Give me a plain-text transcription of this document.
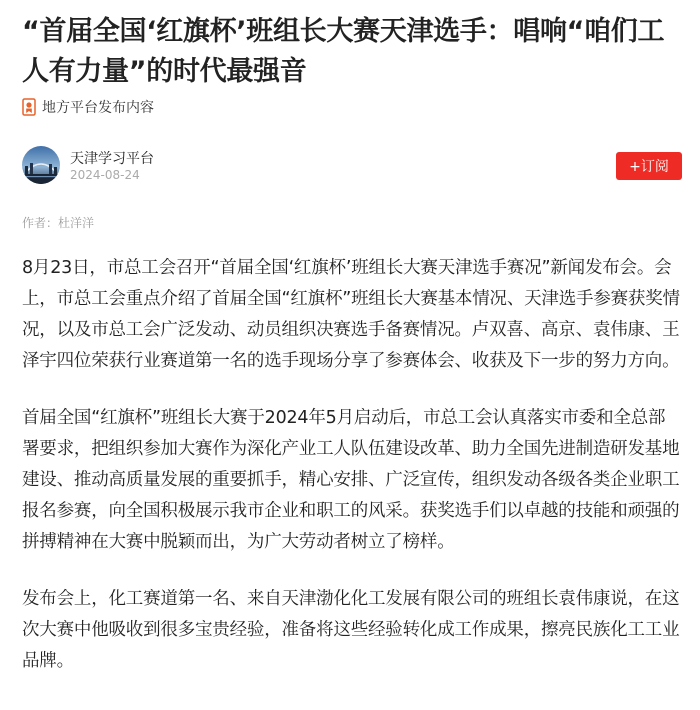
“首届全国‘红旗杯’班组长大赛天津选手：唱响“咱们工人有力量”的时代最强音
地方平台发布内容
天津学习平台
2024-08-24	+订阅
作者：杜洋洋

8月23日，市总工会召开“首届全国‘红旗杯’班组长大赛天津选手赛况”新闻发布会。会上，市总工会重点介绍了首届全国“红旗杯”班组长大赛基本情况、天津选手参赛获奖情况，以及市总工会广泛发动、动员组织决赛选手备赛情况。卢双喜、高京、袁伟康、王泽宇四位荣获行业赛道第一名的选手现场分享了参赛体会、收获及下一步的努力方向。

首届全国“红旗杯”班组长大赛于2024年5月启动后，市总工会认真落实市委和全总部署要求，把组织参加大赛作为深化产业工人队伍建设改革、助力全国先进制造研发基地建设、推动高质量发展的重要抓手，精心安排、广泛宣传，组织发动各级各类企业职工报名参赛，向全国积极展示我市企业和职工的风采。获奖选手们以卓越的技能和顽强的拼搏精神在大赛中脱颖而出，为广大劳动者树立了榜样。

发布会上，化工赛道第一名、来自天津渤化化工发展有限公司的班组长袁伟康说，在这次大赛中他吸收到很多宝贵经验，准备将这些经验转化成工作成果，擦亮民族化工工业品牌。
